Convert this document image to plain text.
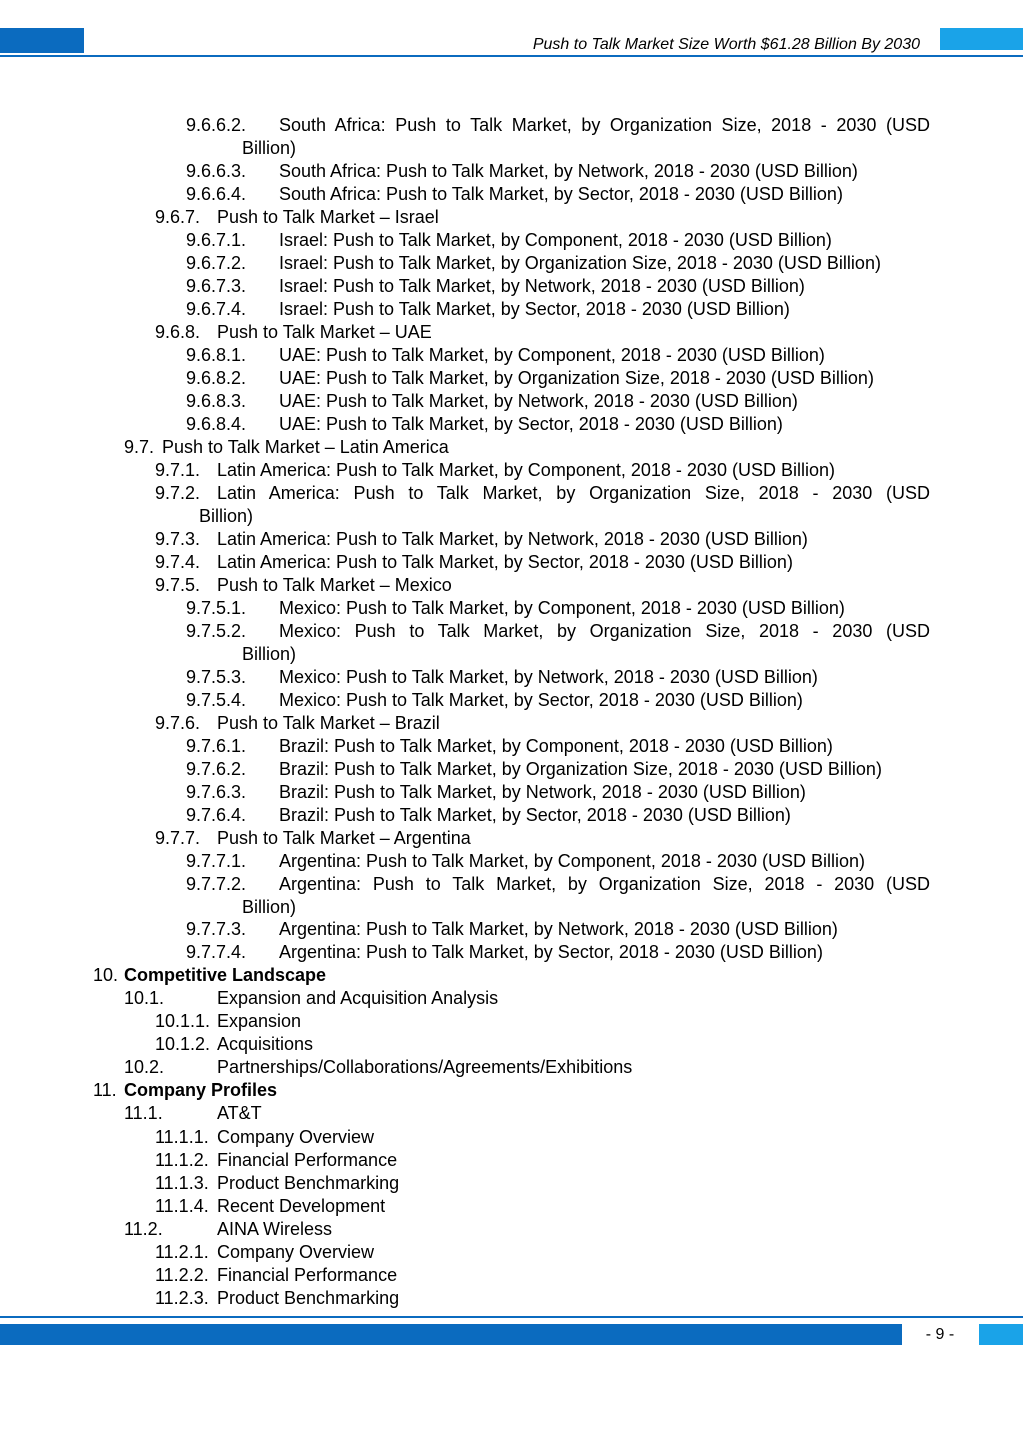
Push to Talk Market Size Worth $61.28 Billion By 2030
9.6.6.2. South Africa: Push to Talk Market, by Organization Size, 2018 - 2030 (USD
Billion)
9.6.6.3. South Africa: Push to Talk Market, by Network, 2018 - 2030 (USD Billion)
9.6.6.4. South Africa: Push to Talk Market, by Sector, 2018 - 2030 (USD Billion)
9.6.7. Push to Talk Market – Israel
9.6.7.1. Israel: Push to Talk Market, by Component, 2018 - 2030 (USD Billion)
9.6.7.2. Israel: Push to Talk Market, by Organization Size, 2018 - 2030 (USD Billion)
9.6.7.3. Israel: Push to Talk Market, by Network, 2018 - 2030 (USD Billion)
9.6.7.4. Israel: Push to Talk Market, by Sector, 2018 - 2030 (USD Billion)
9.6.8. Push to Talk Market – UAE
9.6.8.1. UAE: Push to Talk Market, by Component, 2018 - 2030 (USD Billion)
9.6.8.2. UAE: Push to Talk Market, by Organization Size, 2018 - 2030 (USD Billion)
9.6.8.3. UAE: Push to Talk Market, by Network, 2018 - 2030 (USD Billion)
9.6.8.4. UAE: Push to Talk Market, by Sector, 2018 - 2030 (USD Billion)
9.7. Push to Talk Market – Latin America
9.7.1. Latin America: Push to Talk Market, by Component, 2018 - 2030 (USD Billion)
9.7.2. Latin America: Push to Talk Market, by Organization Size, 2018 - 2030 (USD
Billion)
9.7.3. Latin America: Push to Talk Market, by Network, 2018 - 2030 (USD Billion)
9.7.4. Latin America: Push to Talk Market, by Sector, 2018 - 2030 (USD Billion)
9.7.5. Push to Talk Market – Mexico
9.7.5.1. Mexico: Push to Talk Market, by Component, 2018 - 2030 (USD Billion)
9.7.5.2. Mexico: Push to Talk Market, by Organization Size, 2018 - 2030 (USD
Billion)
9.7.5.3. Mexico: Push to Talk Market, by Network, 2018 - 2030 (USD Billion)
9.7.5.4. Mexico: Push to Talk Market, by Sector, 2018 - 2030 (USD Billion)
9.7.6. Push to Talk Market – Brazil
9.7.6.1. Brazil: Push to Talk Market, by Component, 2018 - 2030 (USD Billion)
9.7.6.2. Brazil: Push to Talk Market, by Organization Size, 2018 - 2030 (USD Billion)
9.7.6.3. Brazil: Push to Talk Market, by Network, 2018 - 2030 (USD Billion)
9.7.6.4. Brazil: Push to Talk Market, by Sector, 2018 - 2030 (USD Billion)
9.7.7. Push to Talk Market – Argentina
9.7.7.1. Argentina: Push to Talk Market, by Component, 2018 - 2030 (USD Billion)
9.7.7.2. Argentina: Push to Talk Market, by Organization Size, 2018 - 2030 (USD
Billion)
9.7.7.3. Argentina: Push to Talk Market, by Network, 2018 - 2030 (USD Billion)
9.7.7.4. Argentina: Push to Talk Market, by Sector, 2018 - 2030 (USD Billion)
10. Competitive Landscape
10.1.	Expansion and Acquisition Analysis
10.1.1. Expansion
10.1.2. Acquisitions
10.2.	Partnerships/Collaborations/Agreements/Exhibitions
11. Company Profiles
11.1.	AT&T
11.1.1. Company Overview
11.1.2. Financial Performance
11.1.3. Product Benchmarking
11.1.4. Recent Development
11.2.	AINA Wireless
11.2.1. Company Overview
11.2.2. Financial Performance
11.2.3. Product Benchmarking
- 9 -
